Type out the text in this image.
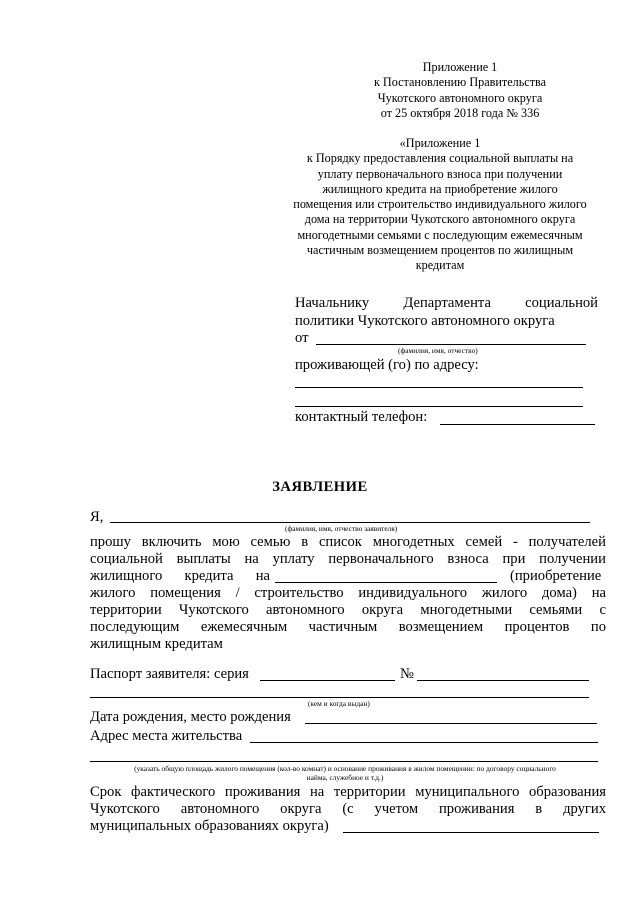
Приложение 1
к Постановлению Правительства
Чукотского автономного округа
от 25 октября 2018 года № 336
«Приложение 1
к Порядку предоставления социальной выплаты на
уплату первоначального взноса при получении
жилищного кредита на приобретение жилого
помещения или строительство индивидуального жилого
дома на территории Чукотского автономного округа
многодетными семьями с последующим ежемесячным
частичным возмещением процентов по жилищным
кредитам
Начальнику Департамента социальной
политики Чукотского автономного округа
от
(фамилия, имя, отчество)
проживающей (го) по адресу:
контактный телефон:
ЗАЯВЛЕНИЕ
Я,
(фамилия, имя, отчество заявителя)
прошу включить мою семью в список многодетных семей - получателей
социальной выплаты на уплату первоначального взноса при получении
жилищного кредита на	(приобретение
жилого помещения / строительство индивидуального жилого дома) на
территории Чукотского автономного округа многодетными семьями с
последующим ежемесячным частичным возмещением процентов по
жилищным кредитам
Паспорт заявителя: серия	№
(кем и когда выдан)
Дата рождения, место рождения
Адрес места жительства
(указать общую площадь жилого помещения (кол-во комнат) и основание проживания в жилом помещении: по договору социального
найма, служебное и т.д.)
Срок фактического проживания на территории муниципального образования
Чукотского автономного округа (с учетом проживания в других
муниципальных образованиях округа)
